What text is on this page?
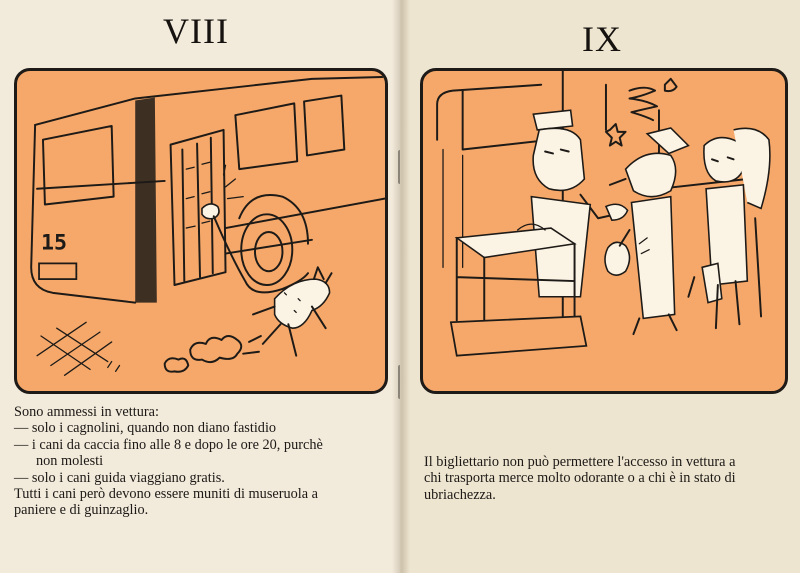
VIII
15
Sono ammessi in vettura:
— solo i cagnolini, quando non diano fastidio
— i cani da caccia fino alle 8 e dopo le ore 20, purchè
non molesti
— solo i cani guida viaggiano gratis.
Tutti i cani però devono essere muniti di museruola a
paniere e di guinzaglio.
IX
Il bigliettario non può permettere l'accesso in vettura a
chi trasporta merce molto odorante o a chi è in stato di
ubriachezza.
